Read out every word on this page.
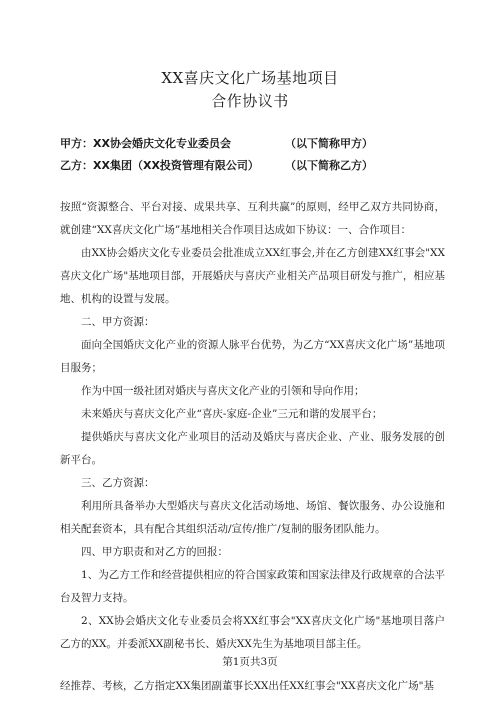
XX喜庆文化广场基地项目
合作协议书
甲方：XX协会婚庆文化专业委员会	（以下简称甲方）
乙方：XX集团（XX投资管理有限公司） （以下简称乙方）

按照“资源整合、平台对接、成果共享、互利共赢”的原则，经甲乙双方共同协商，就创建“XX喜庆文化广场”基地相关合作项目达成如下协议：一、合作项目：

由XX协会婚庆文化专业委员会批准成立XX红事会,并在乙方创建XX红事会"XX喜庆文化广场"基地项目部，开展婚庆与喜庆产业相关产品项目研发与推广，相应基地、机构的设置与发展。

二、甲方资源：

面向全国婚庆文化产业的资源人脉平台优势，为乙方“XX喜庆文化广场”基地项目服务；

作为中国一级社团对婚庆与喜庆文化产业的引领和导向作用；

未来婚庆与喜庆文化产业“喜庆-家庭-企业”三元和谐的发展平台；

提供婚庆与喜庆文化产业项目的活动及婚庆与喜庆企业、产业、服务发展的创新平台。

三、乙方资源：

利用所具备举办大型婚庆与喜庆文化活动场地、场馆、餐饮服务、办公设施和相关配套资本，具有配合其组织活动/宣传/推广/复制的服务团队能力。

四、甲方职责和对乙方的回报：

1、为乙方工作和经营提供相应的符合国家政策和国家法律及行政规章的合法平台及智力支持。

2、XX协会婚庆文化专业委员会将XX红事会"XX喜庆文化广场"基地项目落户乙方的XX。并委派XX副秘书长、婚庆XX先生为基地项目部主任。

第1页共3页
经推荐、考核，乙方指定XX集团副董事长XX出任XX红事会"XX喜庆文化广场"基
